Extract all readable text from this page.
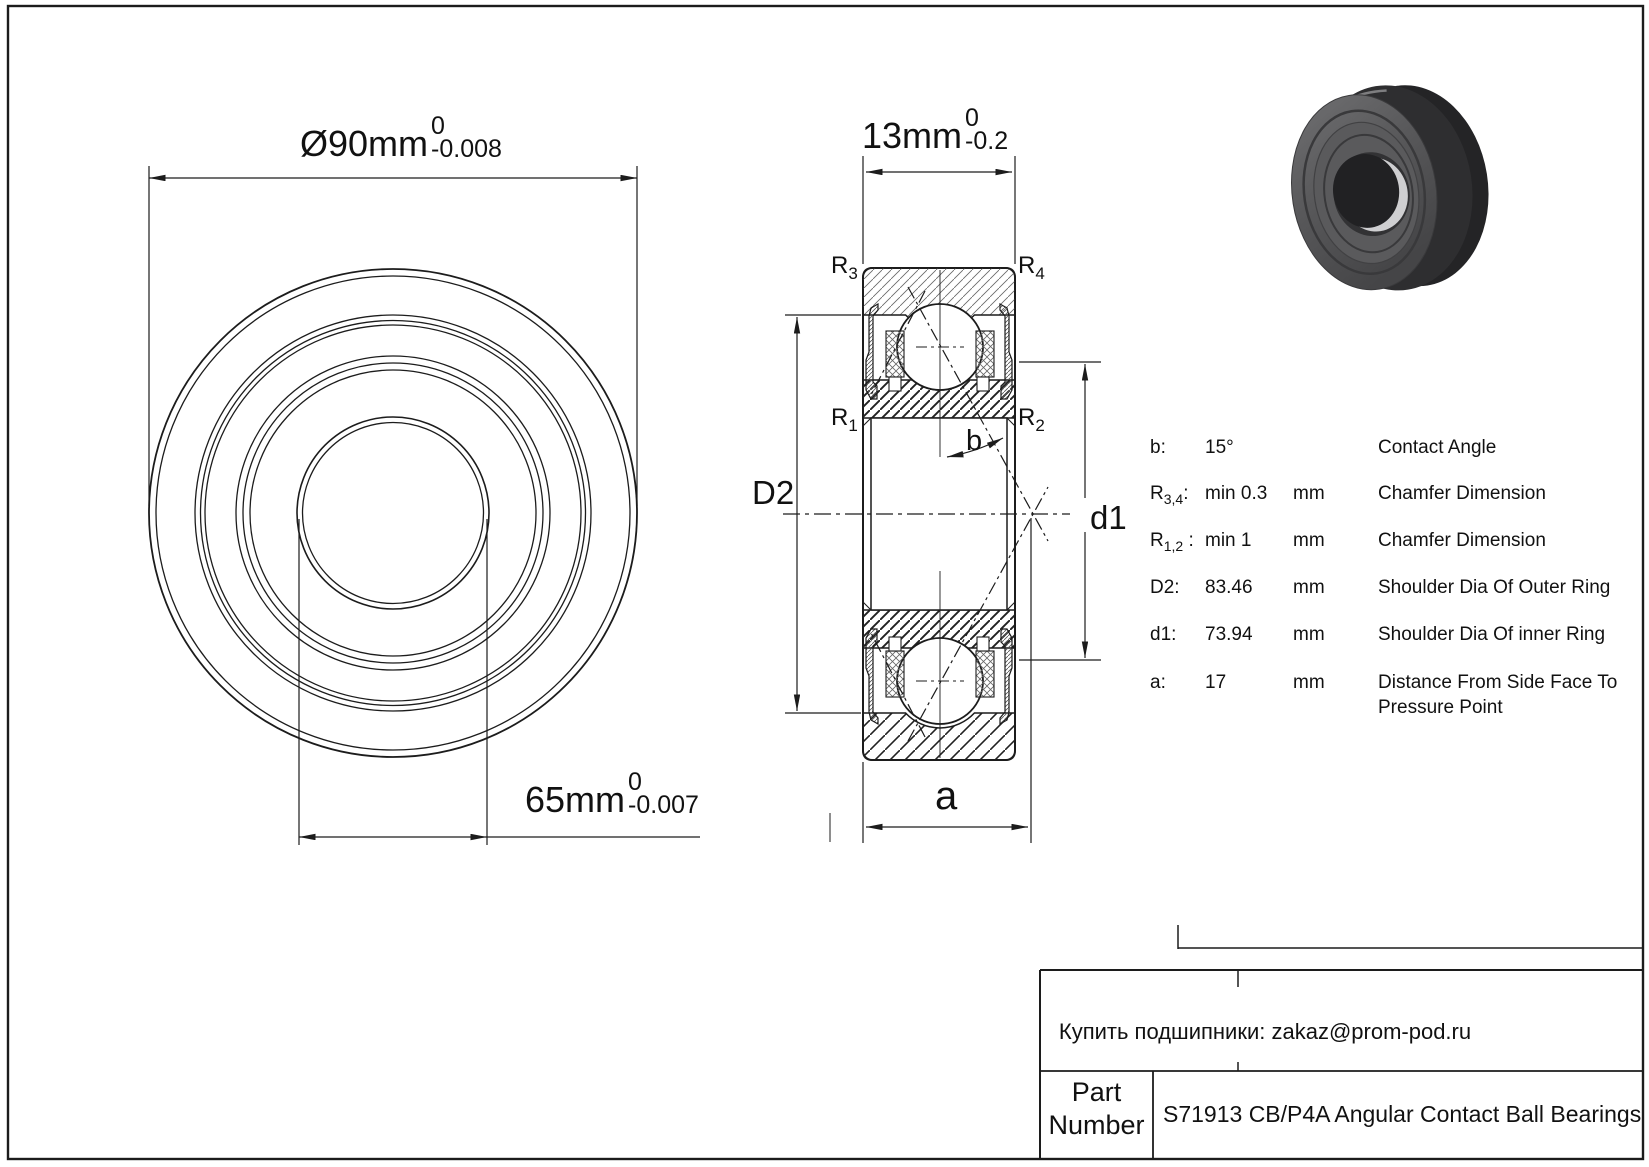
Ø90mm 0
-0.008
65mm 0
-0.007
13mm 0
-0.2
$R_3$	$R_4$
$R_1$	$R_2$
D2
d1
b
a
b: 15°	Contact Angle
$R_{3,4}$: min 0.3 mm	Chamfer Dimension
$R_{1,2}$ : min 1 mm	Chamfer Dimension
D2: 83.46 mm	Shoulder Dia Of Outer Ring
d1: 73.94 mm	Shoulder Dia Of inner Ring
a: 17	mm	Distance From Side Face To
Pressure Point
Купить подшипники: zakaz@prom-pod.ru
Part
Number S71913 CB/P4A Angular Contact Ball Bearings
